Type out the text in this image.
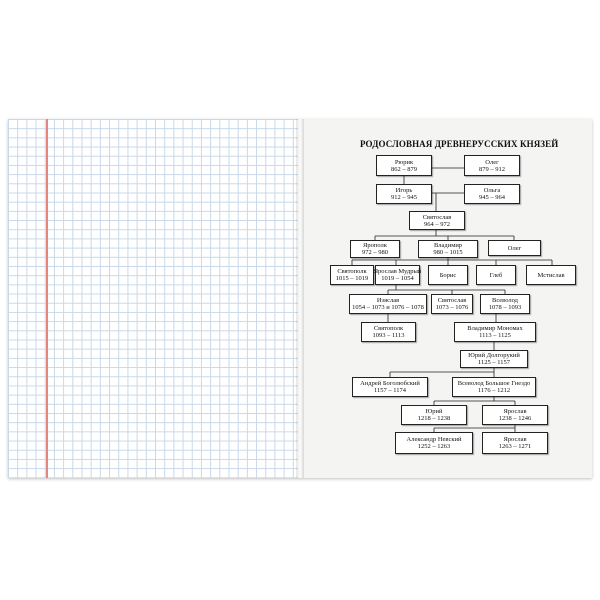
РОДОСЛОВНАЯ ДРЕВНЕРУССКИХ КНЯЗЕЙ
Рюрик
862 – 879
Олег
879 – 912
Игорь
912 – 945
Ольга
945 – 964
Святослав
964 – 972
Ярополк
972 – 980
Владимир
980 – 1015
Олег
Святополк
1015 – 1019
Ярослав Мудрый
1019 – 1054	Борис	Глеб	Мстислав
Изяслав
1054 – 1073 и 1076 – 1078
Святослав
1073 – 1076
Всеволод
1078 – 1093
Святополк
1093 – 1113
Владимир Мономах
1113 – 1125
Юрий Долгорукий
1125 – 1157
Андрей Боголюбский
1157 – 1174
Всеволод Большое Гнездо
1176 – 1212
Юрий
1218 – 1238
Ярослав
1238 – 1246
Александр Невский
1252 – 1263
Ярослав
1263 – 1271
